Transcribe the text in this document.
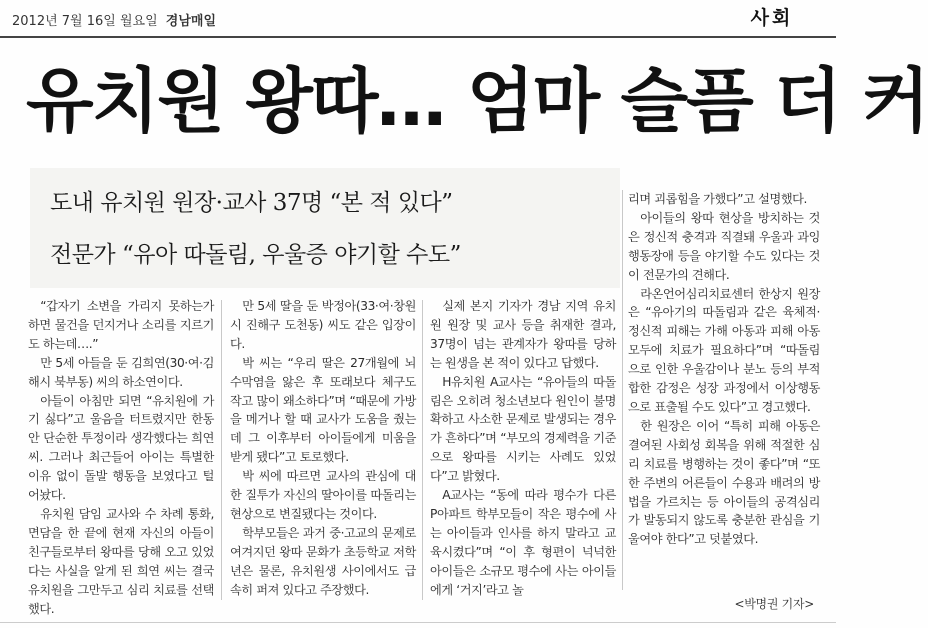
2012년 7월 16일 월요일 경남매일	사회
유치원 왕따… 엄마 슬픔 더 커
도내 유치원 원장·교사 37명 “본 적 있다”
전문가 “유아 따돌림, 우울증 야기할 수도”

“갑자기 소변을 가리지 못하는가 하면 물건을 던지거나 소리를 지르기도 하는데….”

만 5세 아들을 둔 김희연(30·여·김해시 북부동) 씨의 하소연이다.

아들이 아침만 되면 “유치원에 가기 싫다”고 울음을 터트렸지만 한동안 단순한 투정이라 생각했다는 희연 씨. 그러나 최근들어 아이는 특별한 이유 없이 돌발 행동을 보였다고 털어놨다.

유치원 담임 교사와 수 차례 통화, 면담을 한 끝에 현재 자신의 아들이 친구들로부터 왕따를 당해 오고 있었다는 사실을 알게 된 희연 씨는 결국 유치원을 그만두고 심리 치료를 선택했다.

만 5세 딸을 둔 박정아(33·여·창원시 진해구 도천동) 씨도 같은 입장이다.

박 씨는 “우리 딸은 27개월에 뇌수막염을 앓은 후 또래보다 체구도 작고 많이 왜소하다”며 “때문에 가방을 메거나 할 때 교사가 도움을 줬는데 그 이후부터 아이들에게 미움을 받게 됐다”고 토로했다.

박 씨에 따르면 교사의 관심에 대한 질투가 자신의 딸아이를 따돌리는 현상으로 변질됐다는 것이다.

학부모들은 과거 중·고교의 문제로 여겨지던 왕따 문화가 초등학교 저학년은 물론, 유치원생 사이에서도 급속히 퍼져 있다고 주장했다.

실제 본지 기자가 경남 지역 유치원 원장 및 교사 등을 취재한 결과, 37명이 넘는 관계자가 왕따를 당하는 원생을 본 적이 있다고 답했다.

H유치원 A교사는 “유아들의 따돌림은 오히려 청소년보다 원인이 불명확하고 사소한 문제로 발생되는 경우가 흔하다”며 “부모의 경제력을 기준으로 왕따를 시키는 사례도 있었다”고 밝혔다.

A교사는 “동에 따라 평수가 다른 P아파트 학부모들이 작은 평수에 사는 아이들과 인사를 하지 말라고 교육시켰다”며 “이 후 형편이 넉넉한 아이들은 소규모 평수에 사는 아이들에게 ‘거지’라고 놀

리며 괴롭힘을 가했다”고 설명했다.

아이들의 왕따 현상을 방치하는 것은 정신적 충격과 직결돼 우울과 과잉행동장애 등을 야기할 수도 있다는 것이 전문가의 견해다.

라온언어심리치료센터 한상지 원장은 “유아기의 따돌림과 같은 육체적·정신적 피해는 가해 아동과 피해 아동 모두에 치료가 필요하다”며 “따돌림으로 인한 우울감이나 분노 등의 부적합한 감정은 성장 과정에서 이상행동으로 표출될 수도 있다”고 경고했다.

한 원장은 이어 “특히 피해 아동은 결여된 사회성 회복을 위해 적절한 심리 치료를 병행하는 것이 좋다”며 “또한 주변의 어른들이 수용과 배려의 방법을 가르치는 등 아이들의 공격심리가 발동되지 않도록 충분한 관심을 기울여야 한다”고 덧붙였다.

<박명권 기자>
